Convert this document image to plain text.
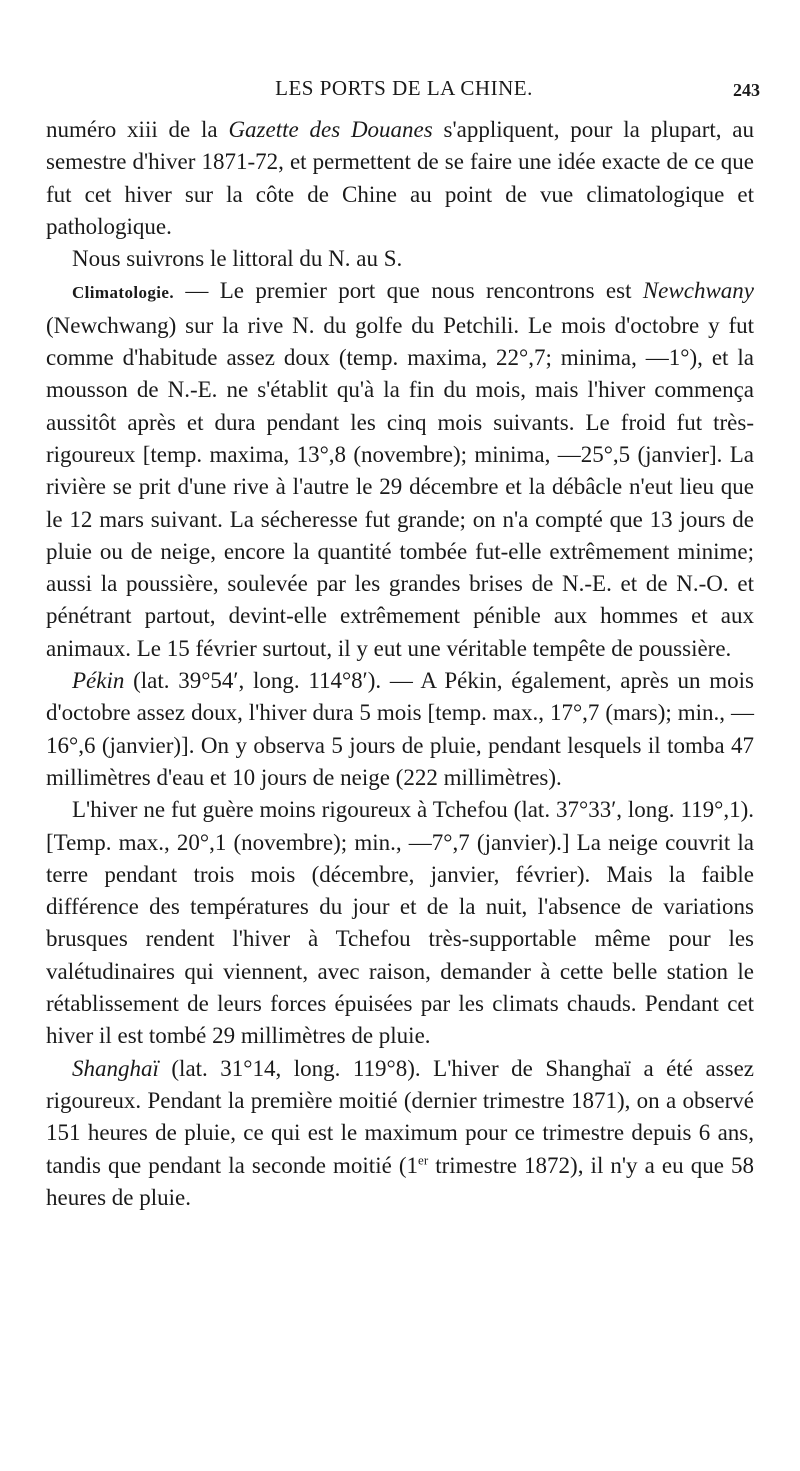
LES PORTS DE LA CHINE.	243

numéro xiii de la Gazette des Douanes s'appliquent, pour la plupart, au semestre d'hiver 1871-72, et permettent de se faire une idée exacte de ce que fut cet hiver sur la côte de Chine au point de vue climatologique et pathologique.

Nous suivrons le littoral du N. au S.

Climatologie. — Le premier port que nous rencontrons est Newchwany (Newchwang) sur la rive N. du golfe du Petchili. Le mois d'octobre y fut comme d'habitude assez doux (temp. maxima, 22°,7; minima, —1°), et la mousson de N.-E. ne s'établit qu'à la fin du mois, mais l'hiver commença aussitôt après et dura pendant les cinq mois suivants. Le froid fut très-rigoureux [temp. maxima, 13°,8 (novembre); minima, —25°,5 (janvier]. La rivière se prit d'une rive à l'autre le 29 décembre et la débâcle n'eut lieu que le 12 mars suivant. La sécheresse fut grande; on n'a compté que 13 jours de pluie ou de neige, encore la quantité tombée fut-elle extrêmement minime; aussi la poussière, soulevée par les grandes brises de N.-E. et de N.-O. et pénétrant partout, devint-elle extrêmement pénible aux hommes et aux animaux. Le 15 février surtout, il y eut une véritable tempête de poussière.

Pékin (lat. 39°54′, long. 114°8′). — A Pékin, également, après un mois d'octobre assez doux, l'hiver dura 5 mois [temp. max., 17°,7 (mars); min., —16°,6 (janvier)]. On y observa 5 jours de pluie, pendant lesquels il tomba 47 millimètres d'eau et 10 jours de neige (222 millimètres).

L'hiver ne fut guère moins rigoureux à Tchefou (lat. 37°33′, long. 119°,1). [Temp. max., 20°,1 (novembre); min., —7°,7 (janvier).] La neige couvrit la terre pendant trois mois (décembre, janvier, février). Mais la faible différence des températures du jour et de la nuit, l'absence de variations brusques rendent l'hiver à Tchefou très-supportable même pour les valétudinaires qui viennent, avec raison, demander à cette belle station le rétablissement de leurs forces épuisées par les climats chauds. Pendant cet hiver il est tombé 29 millimètres de pluie.

Shanghaï (lat. 31°14, long. 119°8). L'hiver de Shanghaï a été assez rigoureux. Pendant la première moitié (dernier trimestre 1871), on a observé 151 heures de pluie, ce qui est le maximum pour ce trimestre depuis 6 ans, tandis que pendant la seconde moitié (1er trimestre 1872), il n'y a eu que 58 heures de pluie.
